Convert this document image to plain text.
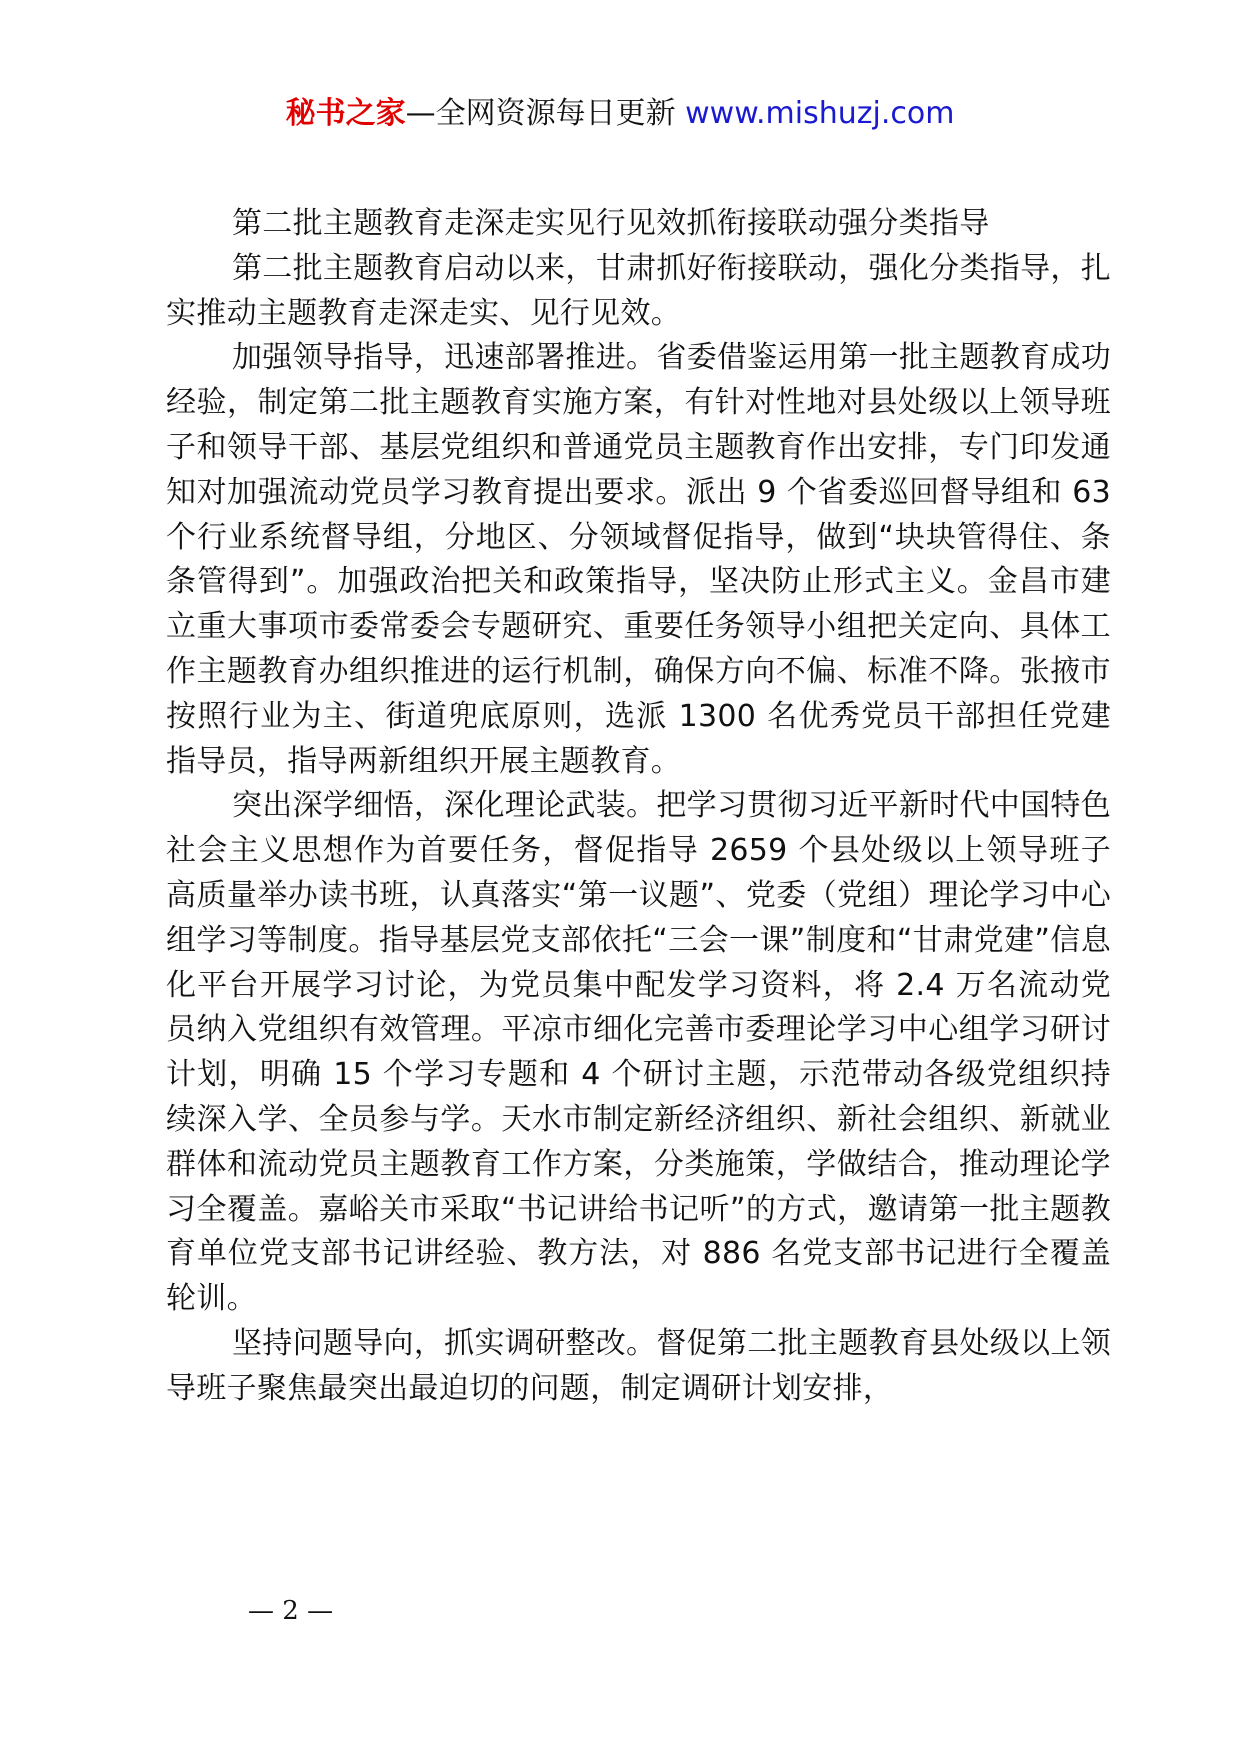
秘书之家—全网资源每日更新 www.mishuzj.com

第二批主题教育走深走实见行见效抓衔接联动强分类指导

第二批主题教育启动以来，甘肃抓好衔接联动，强化分类指导，扎实推动主题教育走深走实、见行见效。

加强领导指导，迅速部署推进。省委借鉴运用第一批主题教育成功经验，制定第二批主题教育实施方案，有针对性地对县处级以上领导班子和领导干部、基层党组织和普通党员主题教育作出安排，专门印发通知对加强流动党员学习教育提出要求。派出 9 个省委巡回督导组和 63 个行业系统督导组，分地区、分领域督促指导，做到“块块管得住、条条管得到”。加强政治把关和政策指导，坚决防止形式主义。金昌市建立重大事项市委常委会专题研究、重要任务领导小组把关定向、具体工作主题教育办组织推进的运行机制，确保方向不偏、标准不降。张掖市按照行业为主、街道兜底原则，选派 1300 名优秀党员干部担任党建指导员，指导两新组织开展主题教育。

突出深学细悟，深化理论武装。把学习贯彻习近平新时代中国特色社会主义思想作为首要任务，督促指导 2659 个县处级以上领导班子高质量举办读书班，认真落实“第一议题”、党委（党组）理论学习中心组学习等制度。指导基层党支部依托“三会一课”制度和“甘肃党建”信息化平台开展学习讨论，为党员集中配发学习资料，将 2.4 万名流动党员纳入党组织有效管理。平凉市细化完善市委理论学习中心组学习研讨计划，明确 15 个学习专题和 4 个研讨主题，示范带动各级党组织持续深入学、全员参与学。天水市制定新经济组织、新社会组织、新就业群体和流动党员主题教育工作方案，分类施策，学做结合，推动理论学习全覆盖。嘉峪关市采取“书记讲给书记听”的方式，邀请第一批主题教育单位党支部书记讲经验、教方法，对 886 名党支部书记进行全覆盖轮训。

坚持问题导向，抓实调研整改。督促第二批主题教育县处级以上领导班子聚焦最突出最迫切的问题，制定调研计划安排，

— 2 —
